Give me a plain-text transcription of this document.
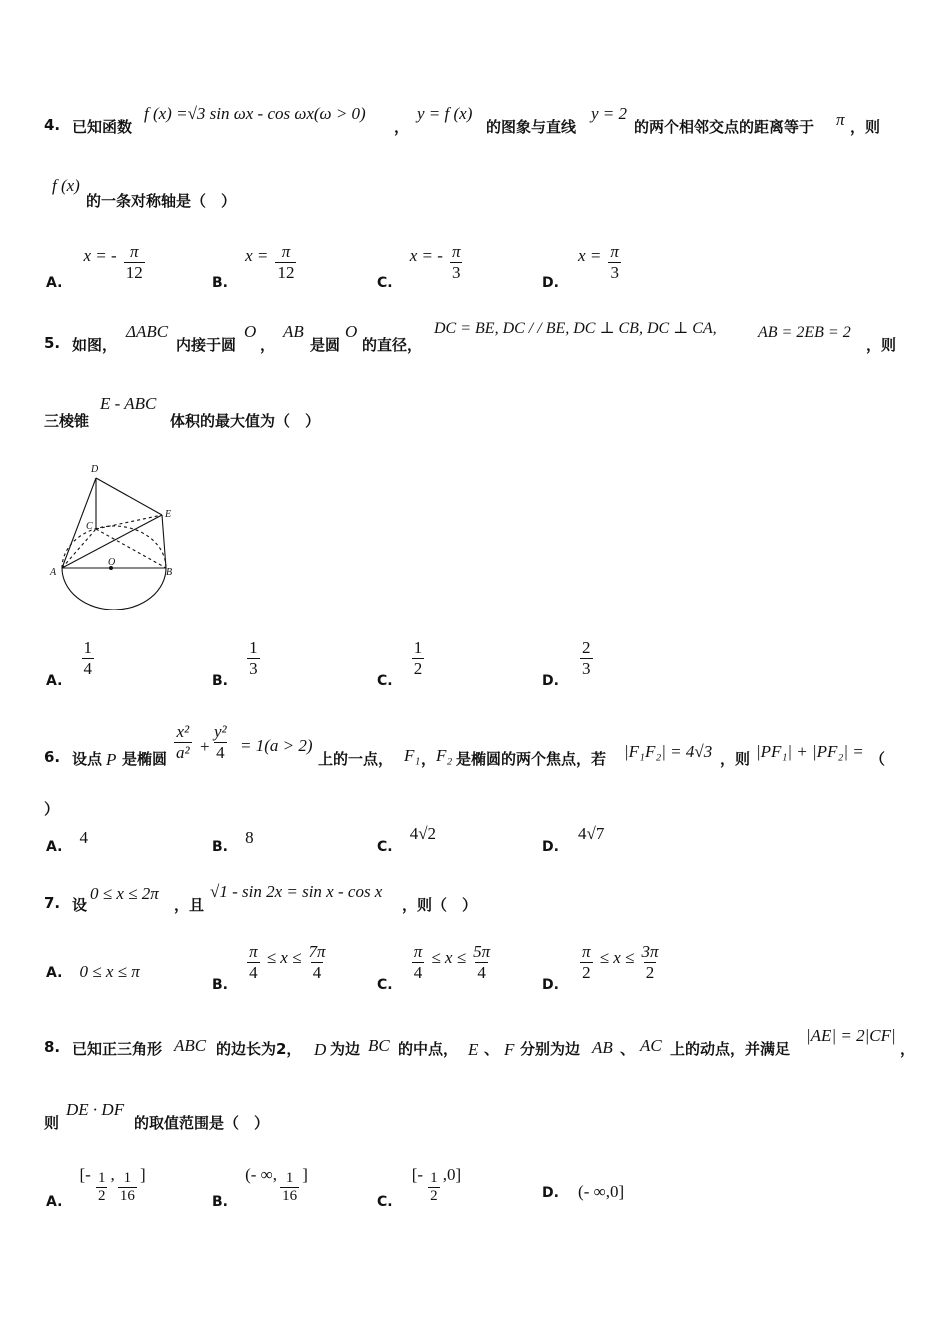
4. 已知函数
f (x) =√3 sin ωx - cos ωx(ω > 0)
，
y = f (x)
的图象与直线
y = 2
的两个相邻交点的距离等于 π ，则
f (x)
的一条对称轴是（　）
A. x = - $\frac{\pi}{12}$	B. $x = \frac{\pi}{12}$	C. x = - $\frac{\pi}{3}$	D. $x = \frac{\pi}{3}$
5. 如图，
ΔABC
内接于圆
O
，
AB
是圆
O
的直径，
DC = BE, DC / / BE, DC ⊥ CB, DC ⊥ CA,	AB = 2EB = 2
，则
三棱锥
E - ABC
体积的最大值为（　）
D
C
E
A
O
B
A.
$\frac{1}{4}$
B.
$\frac{1}{3}$
C.
$\frac{1}{2}$
D.
$\frac{2}{3}$
6. 设点 P 是椭圆 $\frac{\text{x²}}{\text{a²}} + \frac{\text{y²}}{4} = 1(a > 2)$
上的一点， F₁ ， F₂ 是椭圆的两个焦点，若 |F₁F₂| = 4√3 ，则 |PF₁| + |PF₂| = （
）
A. 4	B. 8	C. 4√2
D. 4√7
7. 设
0 ≤ x ≤ 2π
，且
√1 - sin 2x = sin x - cos x
，则（　）
A. 0 ≤ x ≤ π
B.
$\frac{\pi}{4} \le x \le \frac{7\pi}{4}$
C.
$\frac{\pi}{4} \le x \le \frac{5\pi}{4}$
D.
$\frac{\pi}{2} \le x \le \frac{3\pi}{2}$
8. 已知正三角形 ABC 的边长为2， D 为边 BC 的中点， E 、 F 分别为边 AB 、 AC 上的动点，并满足
|AE| = 2|CF|
，
则
DE · DF
的取值范围是（　）
A. [- $\frac{1}{2}$ , $\frac{1}{16}$ ]
B. (- ∞, $\frac{1}{16}$ ]
C. [- $\frac{1}{2} ,0$]
D. (- ∞,0]
